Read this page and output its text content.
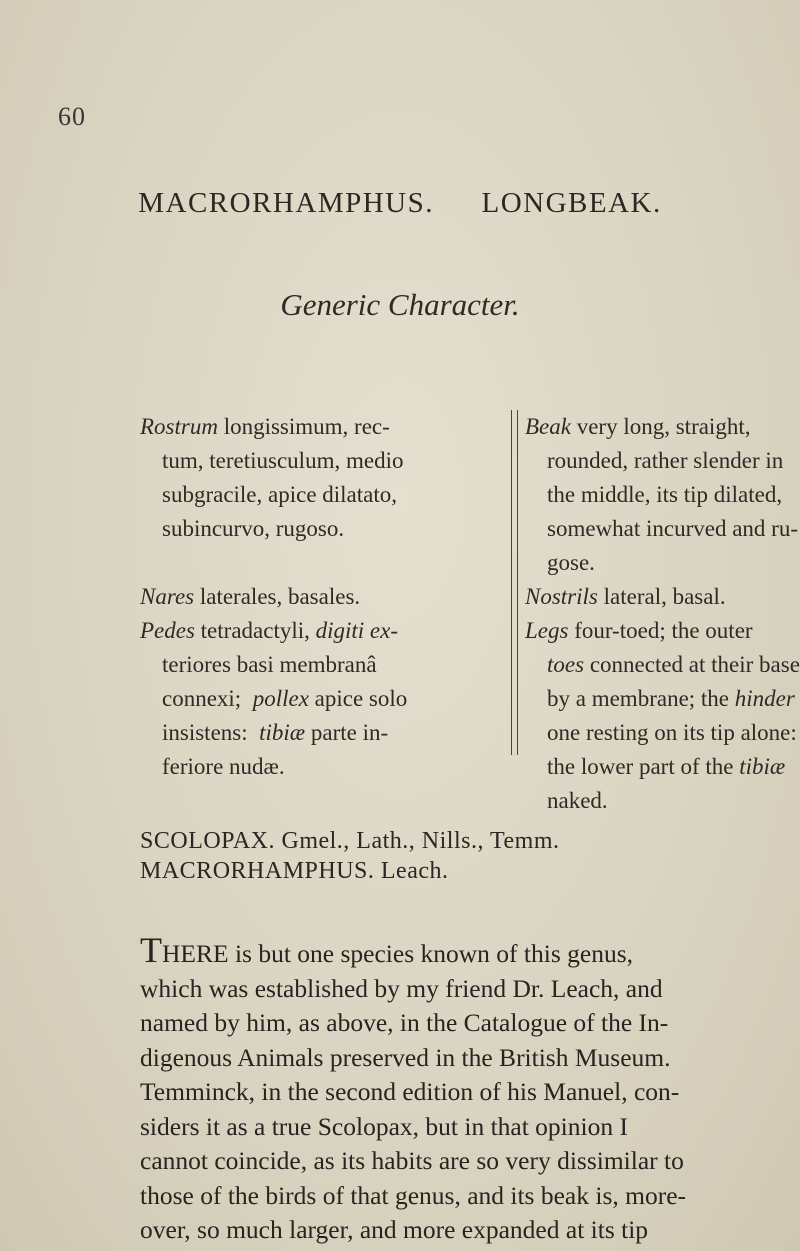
60
MACRORHAMPHUS. LONGBEAK.
Generic Character.
Rostrum longissimum, rec-
tum, teretiusculum, medio
subgracile, apice dilatato,
subincurvo, rugoso.
Nares laterales, basales.
Pedes tetradactyli, digiti ex-
teriores basi membranâ
connexi; pollex apice solo
insistens: tibiæ parte in-
feriore nudæ.
Beak very long, straight,
rounded, rather slender in
the middle, its tip dilated,
somewhat incurved and ru-
gose.
Nostrils lateral, basal.
Legs four-toed; the outer
toes connected at their base
by a membrane; the hinder
one resting on its tip alone:
the lower part of the tibiæ
naked.
SCOLOPAX. Gmel., Lath., Nills., Temm.
MACRORHAMPHUS. Leach.
THERE is but one species known of this genus,
which was established by my friend Dr. Leach, and
named by him, as above, in the Catalogue of the In-
digenous Animals preserved in the British Museum.
Temminck, in the second edition of his Manuel, con-
siders it as a true Scolopax, but in that opinion I
cannot coincide, as its habits are so very dissimilar to
those of the birds of that genus, and its beak is, more-
over, so much larger, and more expanded at its tip
